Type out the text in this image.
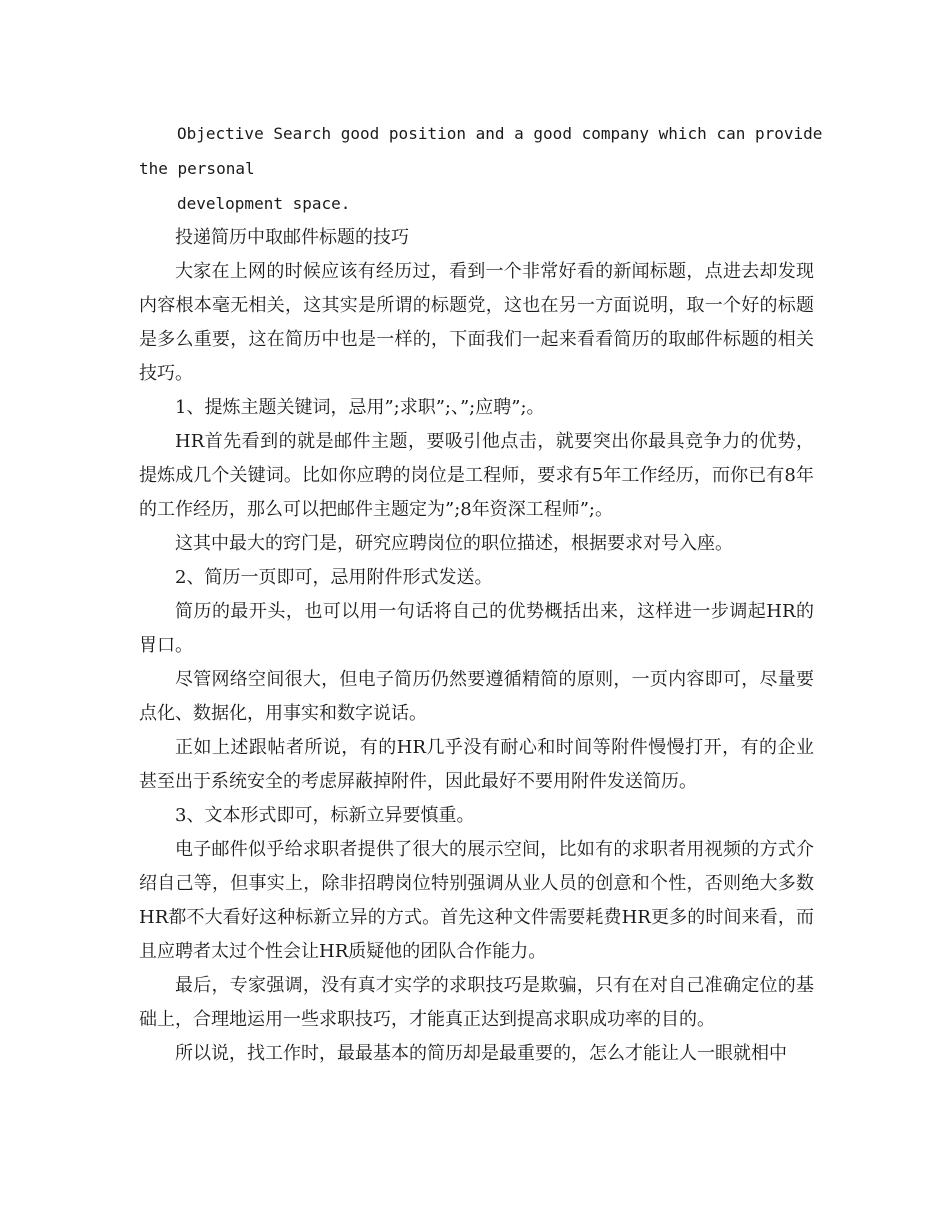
Objective Search good position and a good company which can provide

the personal

development space.

投递简历中取邮件标题的技巧

大家在上网的时候应该有经历过，看到一个非常好看的新闻标题，点进去却发现内容根本毫无相关，这其实是所谓的标题党，这也在另一方面说明，取一个好的标题是多么重要，这在简历中也是一样的，下面我们一起来看看简历的取邮件标题的相关技巧。

1、提炼主题关键词，忌用”;求职”;、”;应聘”;。

HR首先看到的就是邮件主题，要吸引他点击，就要突出你最具竞争力的优势，提炼成几个关键词。比如你应聘的岗位是工程师，要求有5年工作经历，而你已有8年的工作经历，那么可以把邮件主题定为”;8年资深工程师”;。

这其中最大的窍门是，研究应聘岗位的职位描述，根据要求对号入座。

2、简历一页即可，忌用附件形式发送。

简历的最开头，也可以用一句话将自己的优势概括出来，这样进一步调起HR的胃口。

尽管网络空间很大，但电子简历仍然要遵循精简的原则，一页内容即可，尽量要点化、数据化，用事实和数字说话。

正如上述跟帖者所说，有的HR几乎没有耐心和时间等附件慢慢打开，有的企业甚至出于系统安全的考虑屏蔽掉附件，因此最好不要用附件发送简历。

3、文本形式即可，标新立异要慎重。

电子邮件似乎给求职者提供了很大的展示空间，比如有的求职者用视频的方式介绍自己等，但事实上，除非招聘岗位特别强调从业人员的创意和个性，否则绝大多数HR都不大看好这种标新立异的方式。首先这种文件需要耗费HR更多的时间来看，而且应聘者太过个性会让HR质疑他的团队合作能力。

最后，专家强调，没有真才实学的求职技巧是欺骗，只有在对自己准确定位的基础上，合理地运用一些求职技巧，才能真正达到提高求职成功率的目的。

所以说，找工作时，最最基本的简历却是最重要的，怎么才能让人一眼就相中
